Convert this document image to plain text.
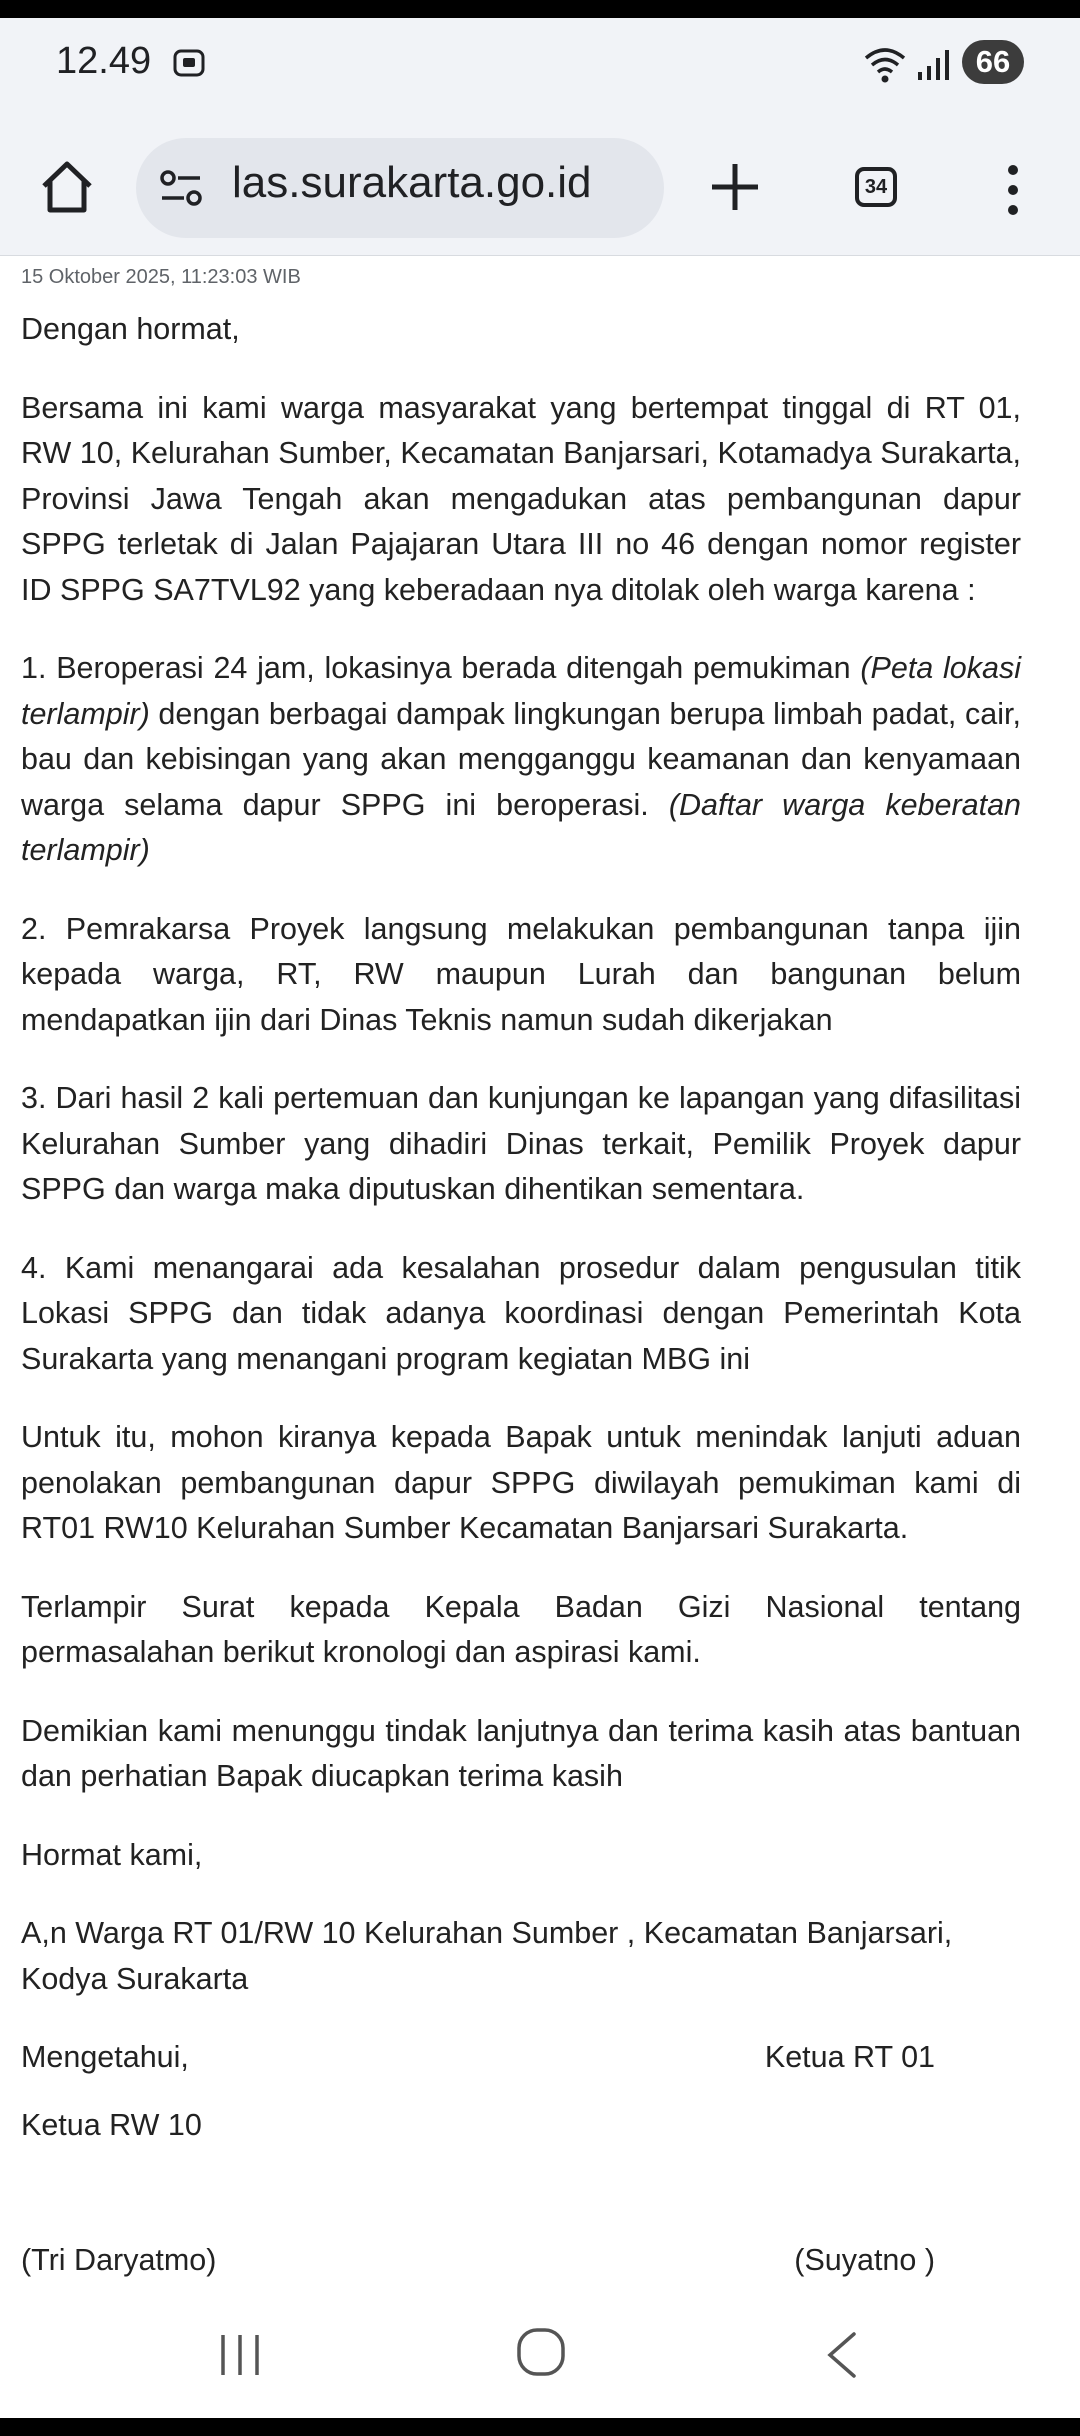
12.49	66
las.surakarta.go.id	34

15 Oktober 2025, 11:23:03 WIB

Dengan hormat,

Bersama ini kami warga masyarakat yang bertempat tinggal di RT 01, RW 10, Kelurahan Sumber, Kecamatan Banjarsari, Kotamadya Surakarta, Provinsi Jawa Tengah akan mengadukan atas pembangunan dapur SPPG terletak di Jalan Pajajaran Utara III no 46 dengan nomor register ID SPPG SA7TVL92 yang keberadaan nya ditolak oleh warga karena :

1. Beroperasi 24 jam, lokasinya berada ditengah pemukiman (Peta lokasi terlampir) dengan berbagai dampak lingkungan berupa limbah padat, cair, bau dan kebisingan yang akan mengganggu keamanan dan kenyamaan warga selama dapur SPPG ini beroperasi. (Daftar warga keberatan terlampir)

2. Pemrakarsa Proyek langsung melakukan pembangunan tanpa ijin kepada warga, RT, RW maupun Lurah dan bangunan belum mendapatkan ijin dari Dinas Teknis namun sudah dikerjakan

3. Dari hasil 2 kali pertemuan dan kunjungan ke lapangan yang difasilitasi Kelurahan Sumber yang dihadiri Dinas terkait, Pemilik Proyek dapur SPPG dan warga maka diputuskan dihentikan sementara.

4. Kami menangarai ada kesalahan prosedur dalam pengusulan titik Lokasi SPPG dan tidak adanya koordinasi dengan Pemerintah Kota Surakarta yang menangani program kegiatan MBG ini

Untuk itu, mohon kiranya kepada Bapak untuk menindak lanjuti aduan penolakan pembangunan dapur SPPG diwilayah pemukiman kami di RT01 RW10 Kelurahan Sumber Kecamatan Banjarsari Surakarta.

Terlampir Surat kepada Kepala Badan Gizi Nasional tentang permasalahan berikut kronologi dan aspirasi kami.

Demikian kami menunggu tindak lanjutnya dan terima kasih atas bantuan dan perhatian Bapak diucapkan terima kasih

Hormat kami,

A,n Warga RT 01/RW 10 Kelurahan Sumber , Kecamatan Banjarsari, Kodya Surakarta

Mengetahui,	Ketua RT 01

Ketua RW 10

(Tri Daryatmo)	(Suyatno )
